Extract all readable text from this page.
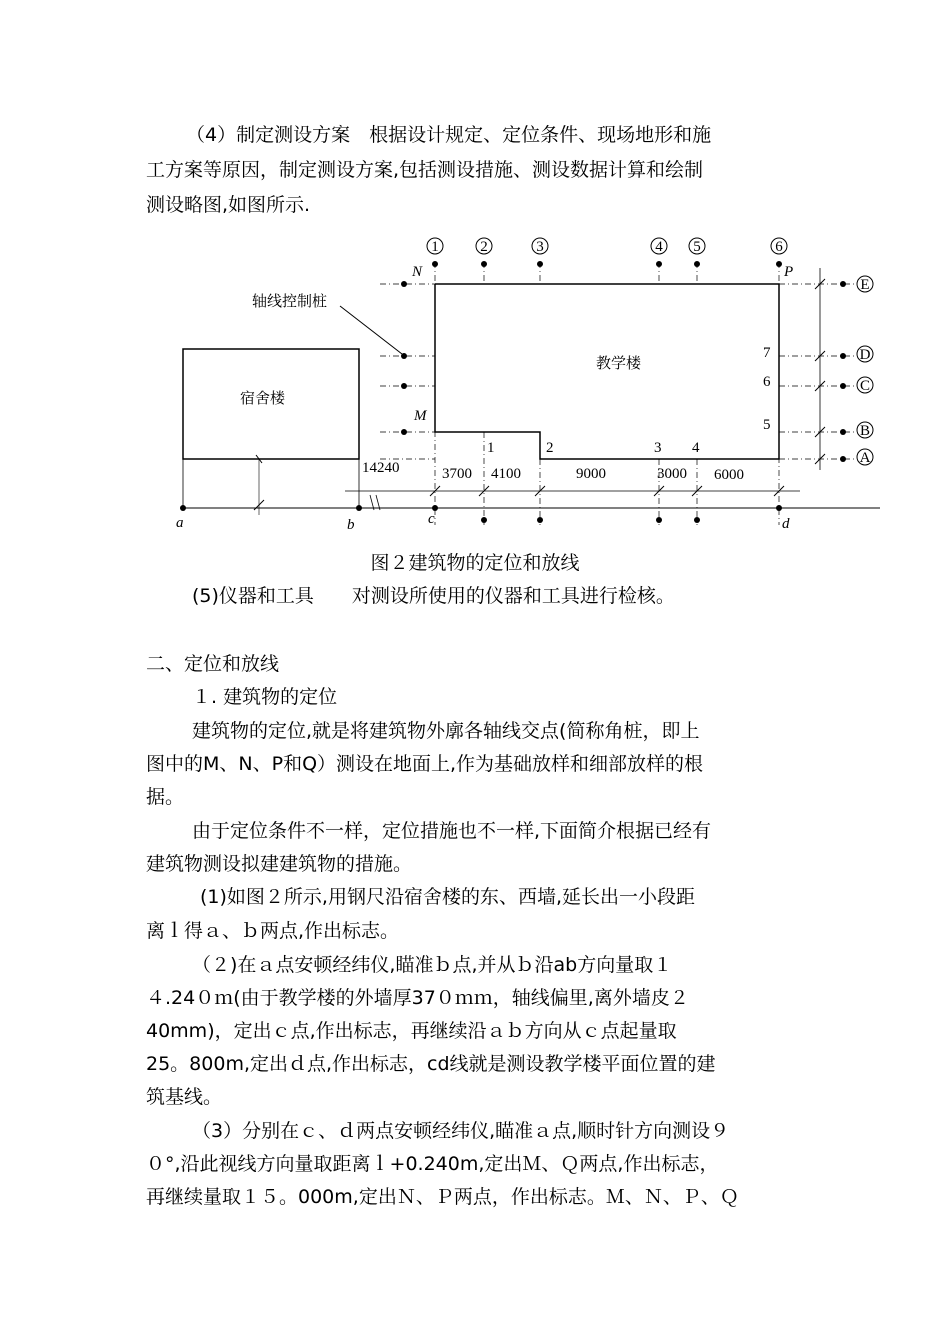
（4）制定测设方案　根据设计规定、定位条件、现场地形和施
工方案等原因，制定测设方案,包括测设措施、测设数据计算和绘制
测设略图,如图所示.
1	2	3	4 5	6
E
D
C
B
A
N	P
M
a	b	c	d
1	2	3 4
5
6
7
14240	3700 4100	9000	3000 6000
宿舍楼
教学楼
轴线控制桩
图２建筑物的定位和放线
(5)仪器和工具　　对测设所使用的仪器和工具进行检核。
二、定位和放线
１. 建筑物的定位
建筑物的定位,就是将建筑物外廓各轴线交点(简称角桩，即上
图中的M、N、P和Q）测设在地面上,作为基础放样和细部放样的根
据。
由于定位条件不一样，定位措施也不一样,下面简介根据已经有
建筑物测设拟建建筑物的措施。
(1)如图２所示,用钢尺沿宿舍楼的东、西墙,延长出一小段距
离ｌ得ａ、ｂ两点,作出标志。
（２)在ａ点安顿经纬仪,瞄准ｂ点,并从ｂ沿ab方向量取１
４.24０ｍ(由于教学楼的外墙厚37０ｍｍ，轴线偏里,离外墙皮２
40mm)，定出ｃ点,作出标志，再继续沿ａｂ方向从ｃ点起量取
25。800m,定出ｄ点,作出标志，cd线就是测设教学楼平面位置的建
筑基线。
（3）分别在ｃ、ｄ两点安顿经纬仪,瞄准ａ点,顺时针方向测设９
０°,沿此视线方向量取距离ｌ+0.240m,定出Ｍ、Ｑ两点,作出标志，
再继续量取１５。000m,定出Ｎ、Ｐ两点，作出标志。Ｍ、Ｎ、Ｐ、Ｑ
